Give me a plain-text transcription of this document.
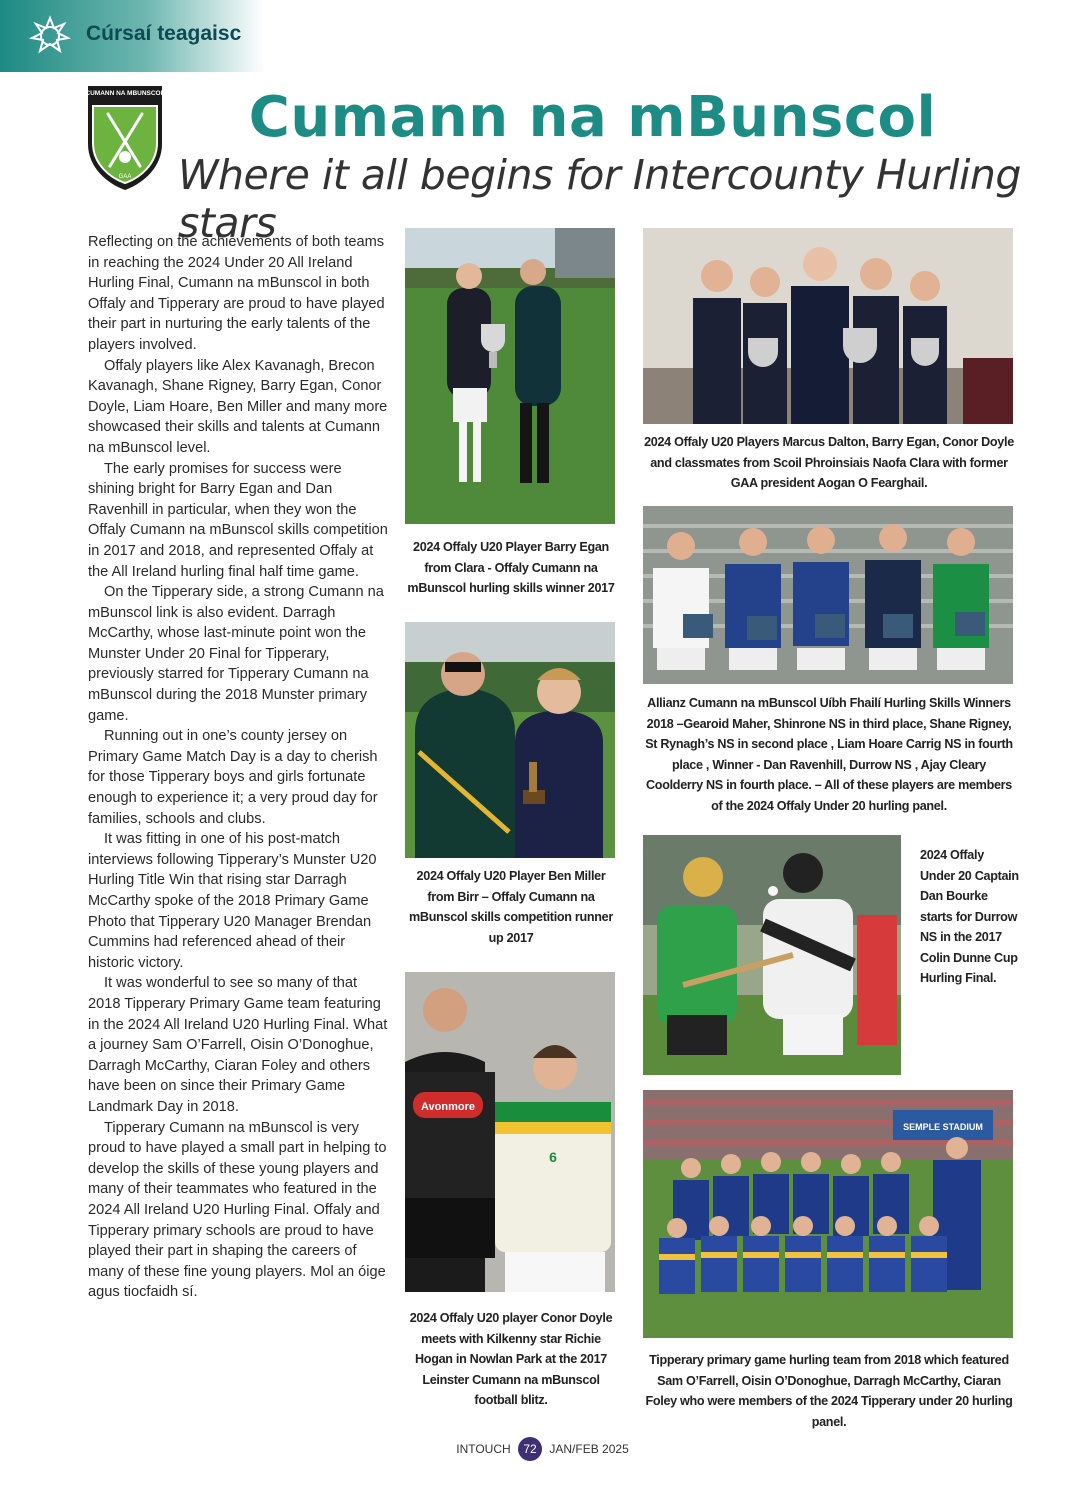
Cúrsaí teagaisc
CUMANN NA MBUNSCOL
GAA
Cumann na mBunscol
Where it all begins for Intercounty Hurling stars

Reflecting on the achievements of both teams in reaching the 2024 Under 20 All Ireland Hurling Final, Cumann na mBunscol in both Offaly and Tipperary are proud to have played their part in nurturing the early talents of the players involved.

Offaly players like Alex Kavanagh, Brecon Kavanagh, Shane Rigney, Barry Egan, Conor Doyle, Liam Hoare, Ben Miller and many more showcased their skills and talents at Cumann na mBunscol level.

The early promises for success were shining bright for Barry Egan and Dan Ravenhill in particular, when they won the Offaly Cumann na mBunscol skills competition in 2017 and 2018, and represented Offaly at the All Ireland hurling final half time game.

On the Tipperary side, a strong Cumann na mBunscol link is also evident. Darragh McCarthy, whose last-minute point won the Munster Under 20 Final for Tipperary, previously starred for Tipperary Cumann na mBunscol during the 2018 Munster primary game.

Running out in one’s county jersey on Primary Game Match Day is a day to cherish for those Tipperary boys and girls fortunate enough to experience it; a very proud day for families, schools and clubs.

It was fitting in one of his post-match interviews following Tipperary’s Munster U20 Hurling Title Win that rising star Darragh McCarthy spoke of the 2018 Primary Game Photo that Tipperary U20 Manager Brendan Cummins had referenced ahead of their historic victory.

It was wonderful to see so many of that 2018 Tipperary Primary Game team featuring in the 2024 All Ireland U20 Hurling Final. What a journey Sam O’Farrell, Oisin O’Donoghue, Darragh McCarthy, Ciaran Foley and others have been on since their Primary Game Landmark Day in 2018.

Tipperary Cumann na mBunscol is very proud to have played a small part in helping to develop the skills of these young players and many of their teammates who featured in the 2024 All Ireland U20 Hurling Final. Offaly and Tipperary primary schools are proud to have played their part in shaping the careers of many of these fine young players. Mol an óige agus tiocfaidh sí.

2024 Offaly U20 Player Barry Egan from Clara - Offaly Cumann na mBunscol hurling skills winner 2017
2024 Offaly U20 Player Ben Miller from Birr – Offaly Cumann na mBunscol skills competition runner up 2017
Avonmore
6
2024 Offaly U20 player Conor Doyle meets with Kilkenny star Richie Hogan in Nowlan Park at the 2017 Leinster Cumann na mBunscol football blitz.
2024 Offaly U20 Players Marcus Dalton, Barry Egan, Conor Doyle and classmates from Scoil Phroinsiais Naofa Clara with former GAA president Aogan O Fearghail.
Allianz Cumann na mBunscol Uíbh Fhailí Hurling Skills Winners 2018 –Gearoid Maher, Shinrone NS in third place, Shane Rigney, St Rynagh’s NS in second place , Liam Hoare Carrig NS in fourth place , Winner - Dan Ravenhill, Durrow NS , Ajay Cleary Coolderry NS in fourth place. – All of these players are members of the 2024 Offaly Under 20 hurling panel.
2024 Offaly Under 20 Captain Dan Bourke starts for Durrow NS in the 2017 Colin Dunne Cup Hurling Final.
SEMPLE STADIUM
Tipperary primary game hurling team from 2018 which featured Sam O’Farrell, Oisin O’Donoghue, Darragh McCarthy, Ciaran Foley who were members of the 2024 Tipperary under 20 hurling panel.
INTOUCH 72 JAN/FEB 2025
